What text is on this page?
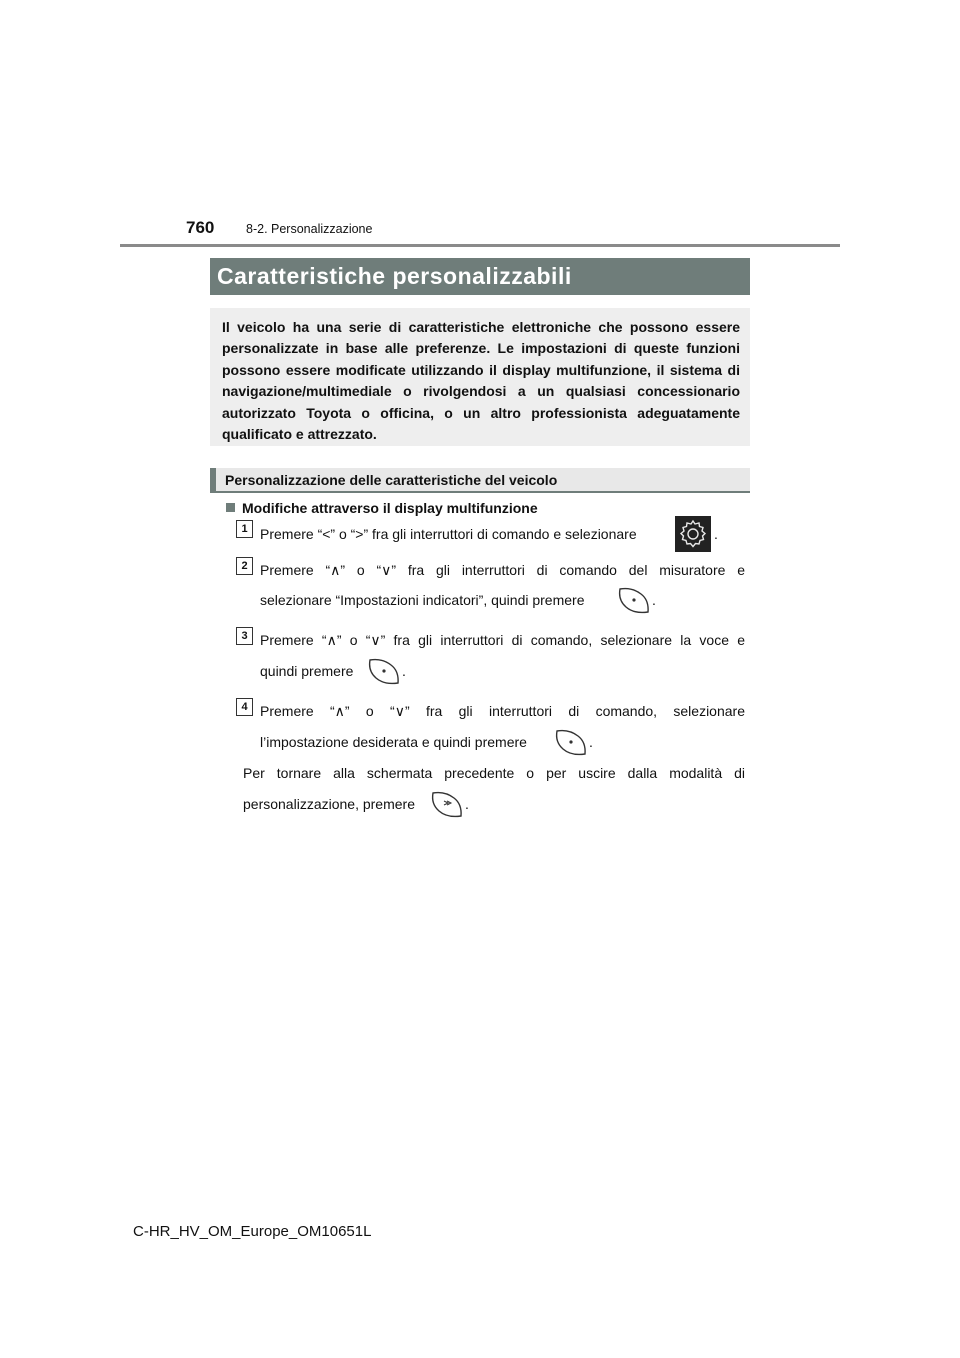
760	8-2. Personalizzazione
Caratteristiche personalizzabili
Il veicolo ha una serie di caratteristiche elettroniche che possono essere personalizzate in base alle preferenze. Le impostazioni di queste funzioni possono essere modificate utilizzando il display multifunzione, il sistema di navigazione/multimediale o rivolgendosi a un qualsiasi concessionario autorizzato Toyota o officina, o un altro professionista adeguatamente qualificato e attrezzato.
Personalizzazione delle caratteristiche del veicolo
Modifiche attraverso il display multifunzione
1 Premere “<” o “>” fra gli interruttori di comando e selezionare	.
2 Premere “∧” o “∨” fra gli interruttori di comando del misuratore e
selezionare “Impostazioni indicatori”, quindi premere	.
3 Premere “∧” o “∨” fra gli interruttori di comando, selezionare la voce e
quindi premere	.
4 Premere “∧” o “∨” fra gli interruttori di comando, selezionare
l’impostazione desiderata e quindi premere	.
Per tornare alla schermata precedente o per uscire dalla modalità di
personalizzazione, premere	.
C-HR_HV_OM_Europe_OM10651L
